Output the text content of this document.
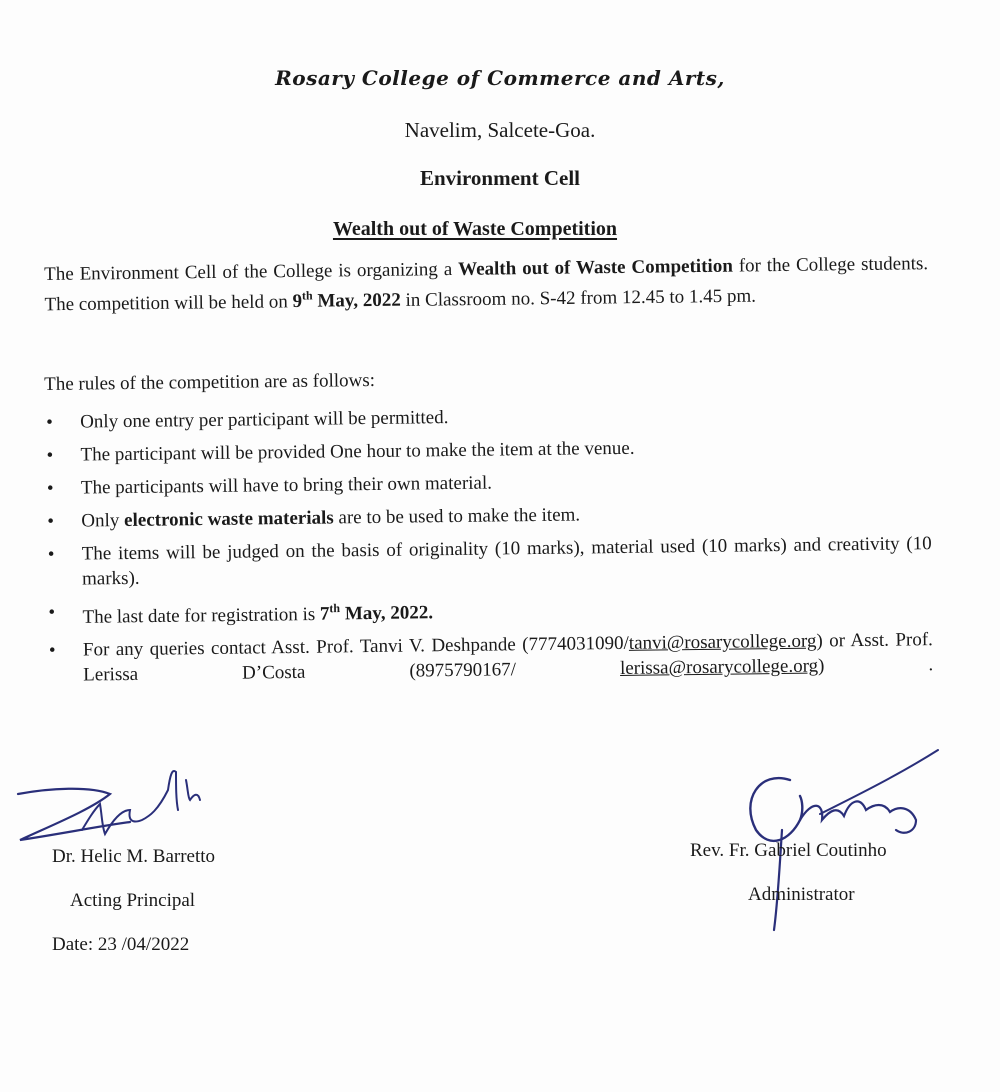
Rosary College of Commerce and Arts,
Navelim, Salcete-Goa.
Environment Cell
Wealth out of Waste Competition
The Environment Cell of the College is organizing a Wealth out of Waste Competition for the College students. The competition will be held on 9th May, 2022 in Classroom no. S-42 from 12.45 to 1.45 pm.
The rules of the competition are as follows:
• Only one entry per participant will be permitted.
• The participant will be provided One hour to make the item at the venue.
• The participants will have to bring their own material.
• Only electronic waste materials are to be used to make the item.
• The items will be judged on the basis of originality (10 marks), material used (10 marks) and creativity (10 marks).
• The last date for registration is 7th May, 2022.
• For any queries contact Asst. Prof. Tanvi V. Deshpande (7774031090/tanvi@rosarycollege.org) or Asst. Prof. Lerissa D’Costa (8975790167/ lerissa@rosarycollege.org) .
Dr. Helic M. Barretto
Acting Principal
Date: 23 /04/2022
Rev. Fr. Gabriel Coutinho
Administrator
